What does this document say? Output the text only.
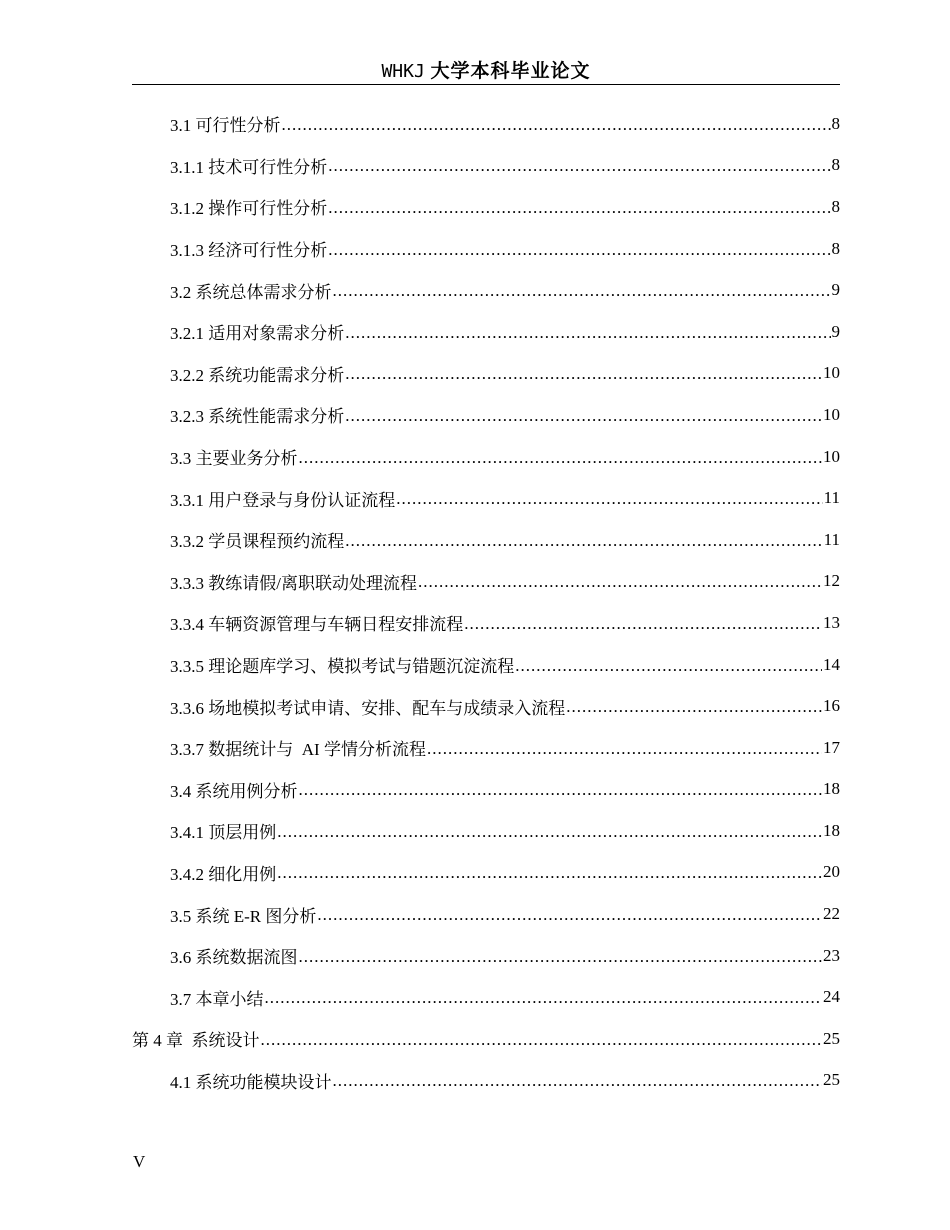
WHKJ 大学本科毕业论文
3.1 可行性分析 .....	8
3.1.1 技术可行性分析 .....	8
3.1.2 操作可行性分析 .....	8
3.1.3 经济可行性分析 .....	8
3.2 系统总体需求分析 .....	9
3.2.1 适用对象需求分析 .....	9
3.2.2 系统功能需求分析 .....	10
3.2.3 系统性能需求分析 .....	10
3.3 主要业务分析 .....	10
3.3.1 用户登录与身份认证流程 .....	11
3.3.2 学员课程预约流程 .....	11
3.3.3 教练请假/离职联动处理流程 .....	12
3.3.4 车辆资源管理与车辆日程安排流程 .....	13
3.3.5 理论题库学习、模拟考试与错题沉淀流程 .....	14
3.3.6 场地模拟考试申请、安排、配车与成绩录入流程 .....	16
3.3.7 数据统计与  AI 学情分析流程 .....	17
3.4 系统用例分析 .....	18
3.4.1 顶层用例 .....	18
3.4.2 细化用例 .....	20
3.5 系统 E-R 图分析 .....	22
3.6 系统数据流图 .....	23
3.7 本章小结 .....	24
第 4 章  系统设计 .....	25
4.1 系统功能模块设计 .....	25
V
